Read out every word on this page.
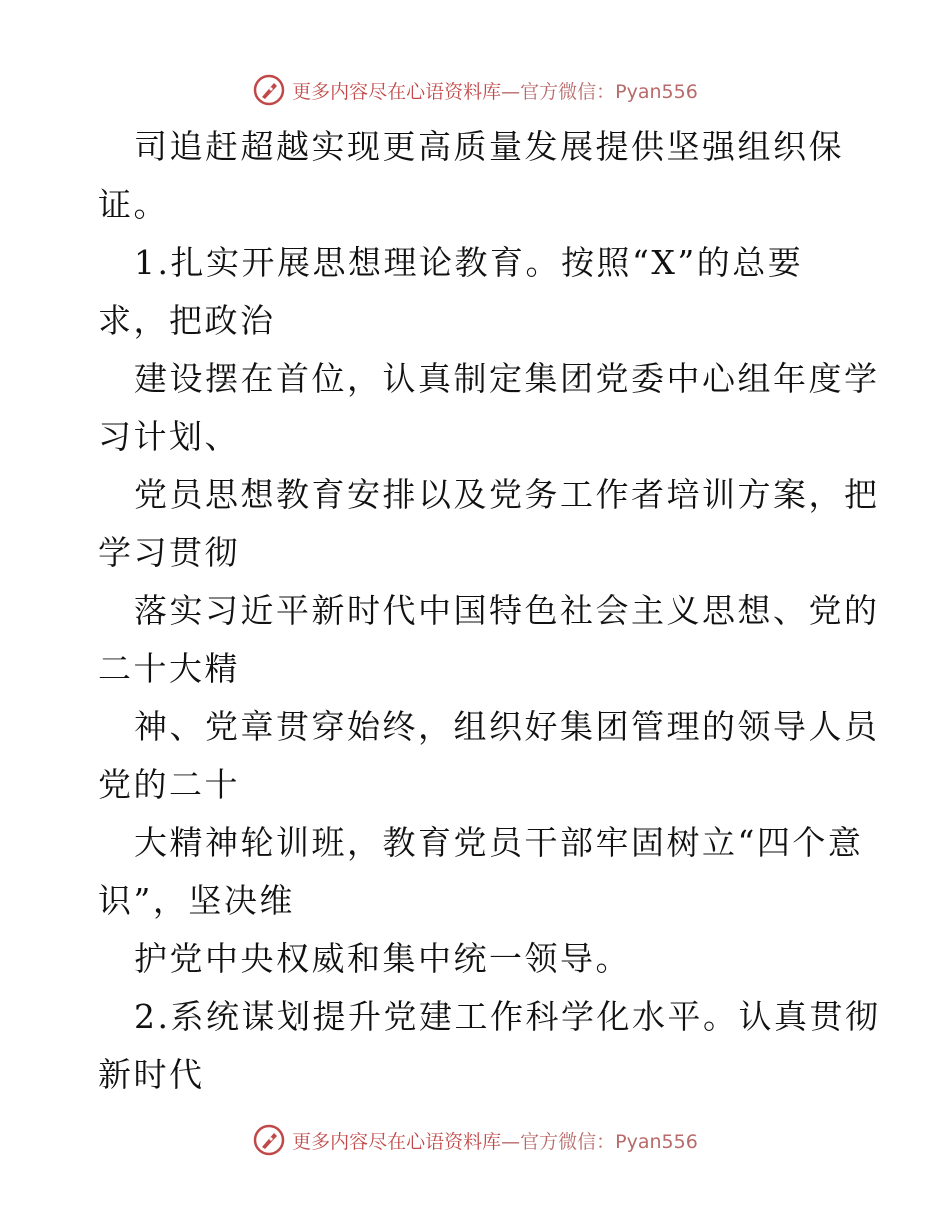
更多内容尽在心语资料库 —官方微信：Pyan556
司追赶超越实现更高质量发展提供坚强组织保
证。
1.扎实开展思想理论教育。按照“X”的总要
求，把政治
建设摆在首位，认真制定集团党委中心组年度学
习计划、
党员思想教育安排以及党务工作者培训方案，把
学习贯彻
落实习近平新时代中国特色社会主义思想、党的
二十大精
神、党章贯穿始终，组织好集团管理的领导人员
党的二十
大精神轮训班，教育党员干部牢固树立“四个意
识”，坚决维
护党中央权威和集中统一领导。
2.系统谋划提升党建工作科学化水平。认真贯彻
新时代
更多内容尽在心语资料库 —官方微信：Pyan556
